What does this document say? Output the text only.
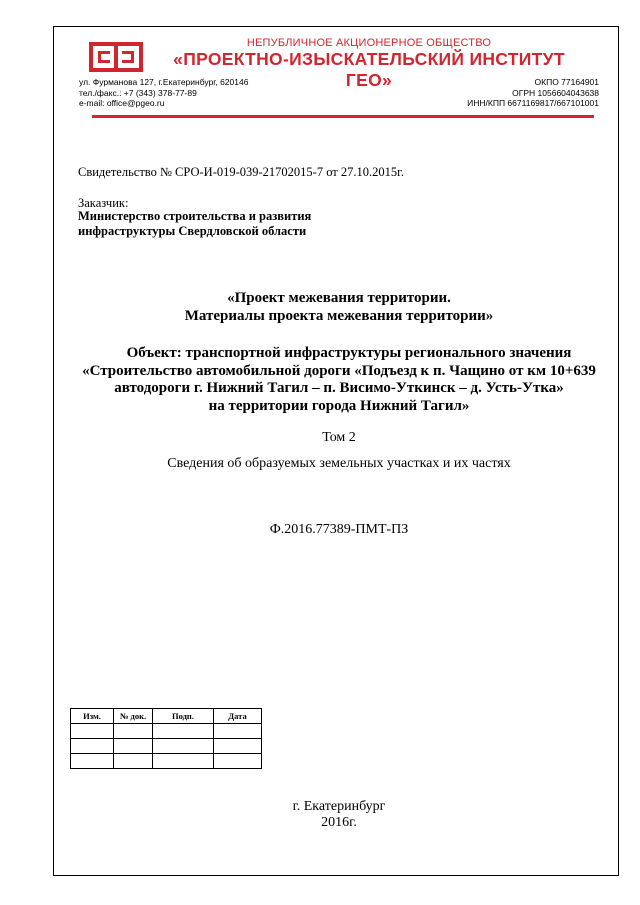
НЕПУБЛИЧНОЕ АКЦИОНЕРНОЕ ОБЩЕСТВО
«ПРОЕКТНО-ИЗЫСКАТЕЛЬСКИЙ ИНСТИТУТ ГЕО»
ул. Фурманова 127, г.Екатеринбург, 620146
тел./факс.: +7 (343) 378-77-89
e-mail: office@pgeo.ru
ОКПО 77164901
ОГРН 1056604043638
ИНН/КПП 6671169817/667101001
Свидетельство № СРО-И-019-039-21702015-7 от 27.10.2015г.
Заказчик:
Министерство строительства и развития
инфраструктуры Свердловской области
«Проект межевания территории.
Материалы проекта межевания территории»
Объект: транспортной инфраструктуры регионального значения
«Строительство автомобильной дороги «Подъезд к п. Чащино от км 10+639
автодороги г. Нижний Тагил – п. Висимо-Уткинск – д. Усть-Утка»
на территории города Нижний Тагил»
Том 2
Сведения об образуемых земельных участках и их частях
Ф.2016.77389-ПМТ-ПЗ
Изм.	№ док.	Подп.	Дата

г. Екатеринбург
2016г.
